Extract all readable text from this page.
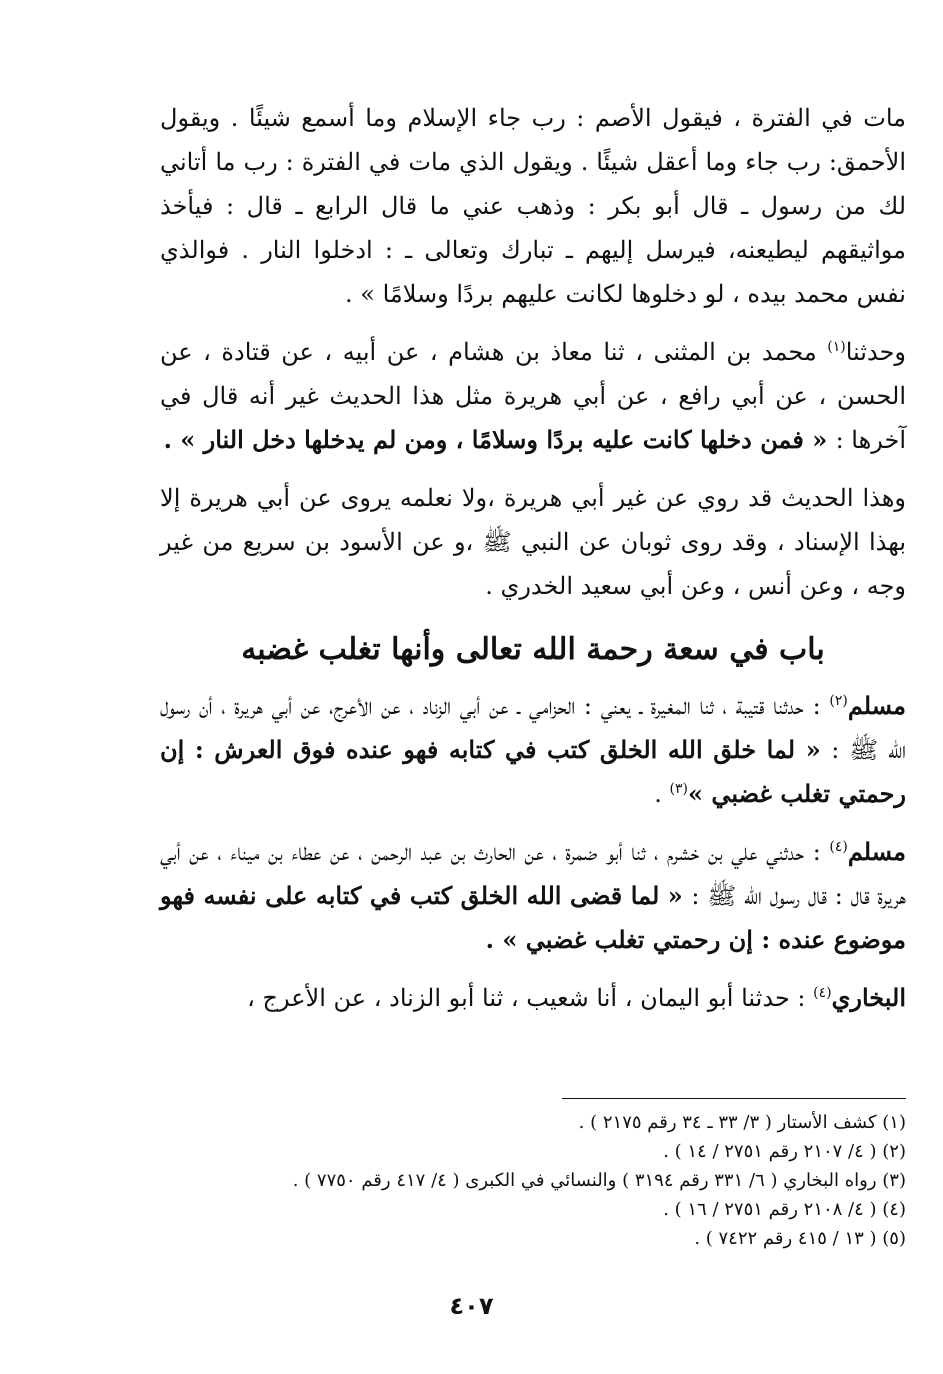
مات في الفترة ، فيقول الأصم : رب جاء الإسلام وما أسمع شيئًا . ويقول الأحمق: رب جاء وما أعقل شيئًا . ويقول الذي مات في الفترة : رب ما أتاني لك من رسول ـ قال أبو بكر : وذهب عني ما قال الرابع ـ قال : فيأخذ مواثيقهم ليطيعنه، فيرسل إليهم ـ تبارك وتعالى ـ : ادخلوا النار . فوالذي نفس محمد بيده ، لو دخلوها لكانت عليهم بردًا وسلامًا » .

وحدثنا$^{(١)}$ محمد بن المثنى ، ثنا معاذ بن هشام ، عن أبيه ، عن قتادة ، عن الحسن ، عن أبي رافع ، عن أبي هريرة مثل هذا الحديث غير أنه قال في آخرها : « فمن دخلها كانت عليه بردًا وسلامًا ، ومن لم يدخلها دخل النار » .

وهذا الحديث قد روي عن غير أبي هريرة ،ولا نعلمه يروى عن أبي هريرة إلا بهذا الإسناد ، وقد روى ثوبان عن النبي ﷺ ،و عن الأسود بن سريع من غير وجه ، وعن أنس ، وعن أبي سعيد الخدري .

باب في سعة رحمة الله تعالى وأنها تغلب غضبه

مسلم$^{(٢)}$ : حدثنا قتيبة ، ثنا المغيرة ـ يعني : الحزامي ـ عن أبي الزناد ، عن الأعرج، عن أبي هريرة ، أن رسول الله ﷺ : « لما خلق الله الخلق كتب في كتابه فهو عنده فوق العرش : إن رحمتي تغلب غضبي »$^{(٣)}$ .

مسلم$^{(٤)}$ : حدثني علي بن خشرم ، ثنا أبو ضمرة ، عن الحارث بن عبد الرحمن ، عن عطاء بن ميناء ، عن أبي هريرة قال : قال رسول الله ﷺ : « لما قضى الله الخلق كتب في كتابه على نفسه فهو موضوع عنده : إن رحمتي تغلب غضبي » .

البخاري$^{(٤)}$ : حدثنا أبو اليمان ، أنا شعيب ، ثنا أبو الزناد ، عن الأعرج ،

(١) كشف الأستار ( ٣/ ٣٣ ـ ٣٤ رقم ٢١٧٥ ) .

(٢) ( ٤/ ٢١٠٧ رقم ٢٧٥١ / ١٤ ) .

(٣) رواه البخاري ( ٦/ ٣٣١ رقم ٣١٩٤ ) والنسائي في الكبرى ( ٤/ ٤١٧ رقم ٧٧٥٠ ) .

(٤) ( ٤/ ٢١٠٨ رقم ٢٧٥١ / ١٦ ) .

(٥) ( ١٣ / ٤١٥ رقم ٧٤٢٢ ) .

٤٠٧
